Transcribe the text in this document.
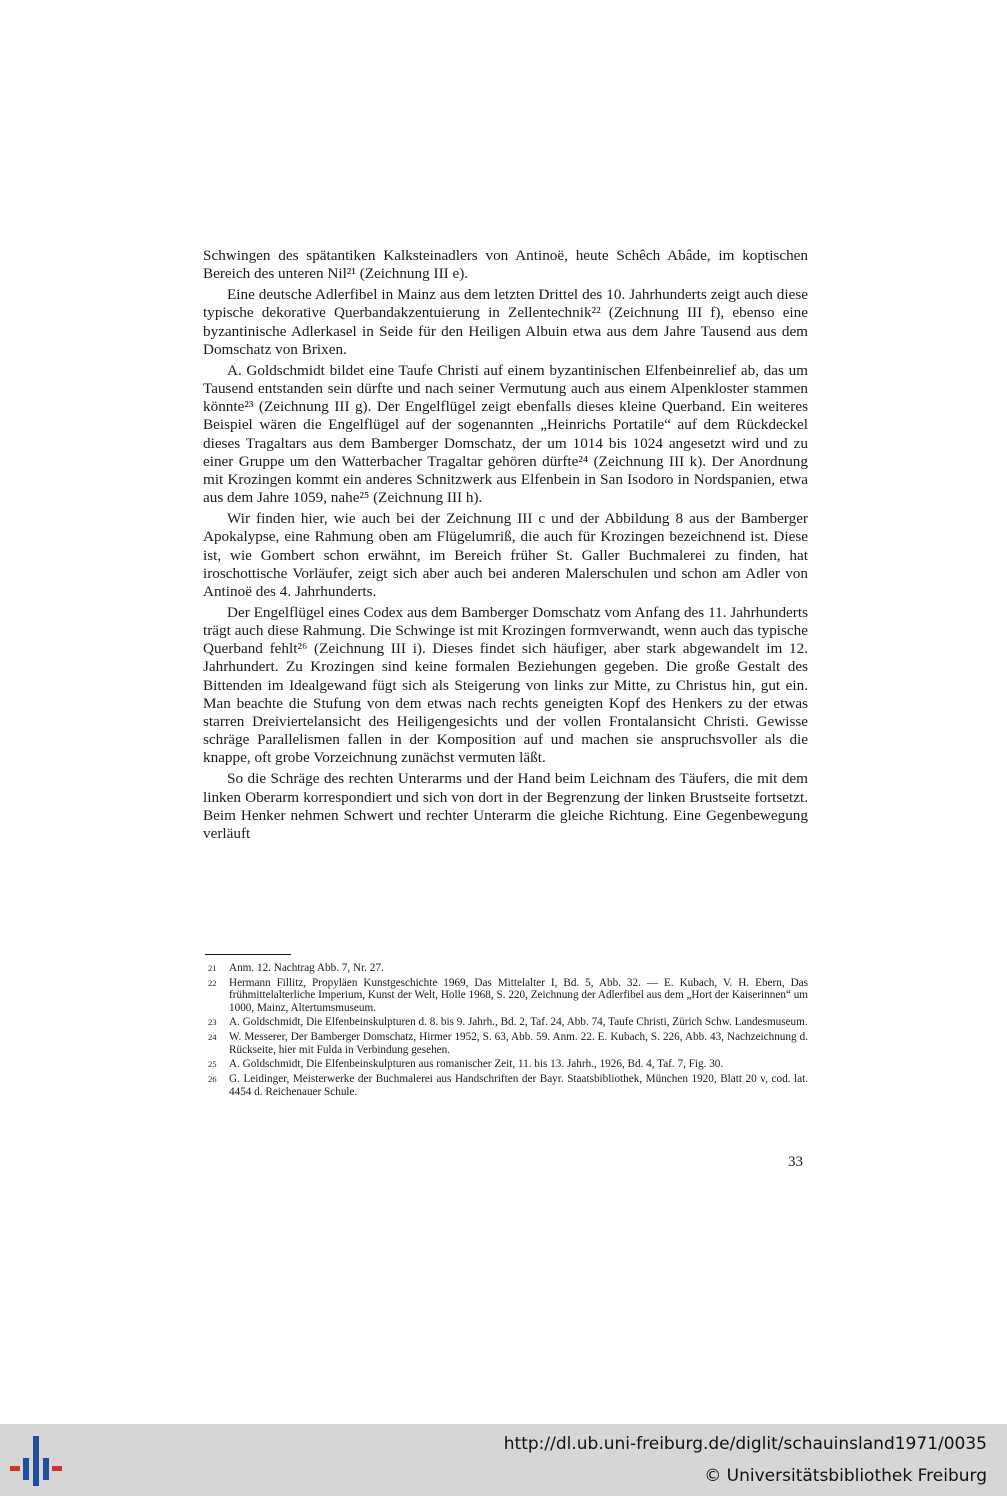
Schwingen des spätantiken Kalksteinadlers von Antinoë, heute Schêch Abâde, im koptischen Bereich des unteren Nil²¹ (Zeichnung III e).

Eine deutsche Adlerfibel in Mainz aus dem letzten Drittel des 10. Jahrhunderts zeigt auch diese typische dekorative Querbandakzentuierung in Zellentechnik²² (Zeichnung III f), ebenso eine byzantinische Adlerkasel in Seide für den Heiligen Albuin etwa aus dem Jahre Tausend aus dem Domschatz von Brixen.

A. Goldschmidt bildet eine Taufe Christi auf einem byzantinischen Elfenbeinrelief ab, das um Tausend entstanden sein dürfte und nach seiner Vermutung auch aus einem Alpenkloster stammen könnte²³ (Zeichnung III g). Der Engelflügel zeigt ebenfalls dieses kleine Querband. Ein weiteres Beispiel wären die Engelflügel auf der sogenannten „Heinrichs Portatile“ auf dem Rückdeckel dieses Tragaltars aus dem Bamberger Domschatz, der um 1014 bis 1024 angesetzt wird und zu einer Gruppe um den Watterbacher Tragaltar gehören dürfte²⁴ (Zeichnung III k). Der Anordnung mit Krozingen kommt ein anderes Schnitzwerk aus Elfenbein in San Isodoro in Nordspanien, etwa aus dem Jahre 1059, nahe²⁵ (Zeichnung III h).

Wir finden hier, wie auch bei der Zeichnung III c und der Abbildung 8 aus der Bamberger Apokalypse, eine Rahmung oben am Flügelumriß, die auch für Krozingen bezeichnend ist. Diese ist, wie Gombert schon erwähnt, im Bereich früher St. Galler Buchmalerei zu finden, hat iroschottische Vorläufer, zeigt sich aber auch bei anderen Malerschulen und schon am Adler von Antinoë des 4. Jahrhunderts.

Der Engelflügel eines Codex aus dem Bamberger Domschatz vom Anfang des 11. Jahrhunderts trägt auch diese Rahmung. Die Schwinge ist mit Krozingen formverwandt, wenn auch das typische Querband fehlt²⁶ (Zeichnung III i). Dieses findet sich häufiger, aber stark abgewandelt im 12. Jahrhundert. Zu Krozingen sind keine formalen Beziehungen gegeben. Die große Gestalt des Bittenden im Idealgewand fügt sich als Steigerung von links zur Mitte, zu Christus hin, gut ein. Man beachte die Stufung von dem etwas nach rechts geneigten Kopf des Henkers zu der etwas starren Dreiviertelansicht des Heiligengesichts und der vollen Frontalansicht Christi. Gewisse schräge Parallelismen fallen in der Komposition auf und machen sie anspruchsvoller als die knappe, oft grobe Vorzeichnung zunächst vermuten läßt.

So die Schräge des rechten Unterarms und der Hand beim Leichnam des Täufers, die mit dem linken Oberarm korrespondiert und sich von dort in der Begrenzung der linken Brustseite fortsetzt. Beim Henker nehmen Schwert und rechter Unterarm die gleiche Richtung. Eine Gegenbewegung verläuft

21 Anm. 12. Nachtrag Abb. 7, Nr. 27.
22 Hermann Fillitz, Propyläen Kunstgeschichte 1969, Das Mittelalter I, Bd. 5, Abb. 32. — E. Kubach, V. H. Ebern, Das frühmittelalterliche Imperium, Kunst der Welt, Holle 1968, S. 220, Zeichnung der Adlerfibel aus dem „Hort der Kaiserinnen“ um 1000, Mainz, Altertumsmuseum.
23 A. Goldschmidt, Die Elfenbeinskulpturen d. 8. bis 9. Jahrh., Bd. 2, Taf. 24, Abb. 74, Taufe Christi, Zürich Schw. Landesmuseum.
24 W. Messerer, Der Bamberger Domschatz, Hirmer 1952, S. 63, Abb. 59. Anm. 22. E. Kubach, S. 226, Abb. 43, Nachzeichnung d. Rückseite, hier mit Fulda in Verbindung gesehen.
25 A. Goldschmidt, Die Elfenbeinskulpturen aus romanischer Zeit, 11. bis 13. Jahrh., 1926, Bd. 4, Taf. 7, Fig. 30.
26 G. Leidinger, Meisterwerke der Buchmalerei aus Handschriften der Bayr. Staatsbibliothek, München 1920, Blatt 20 v, cod. lat. 4454 d. Reichenauer Schule.
33
http://dl.ub.uni-freiburg.de/diglit/schauinsland1971/0035
© Universitätsbibliothek Freiburg
